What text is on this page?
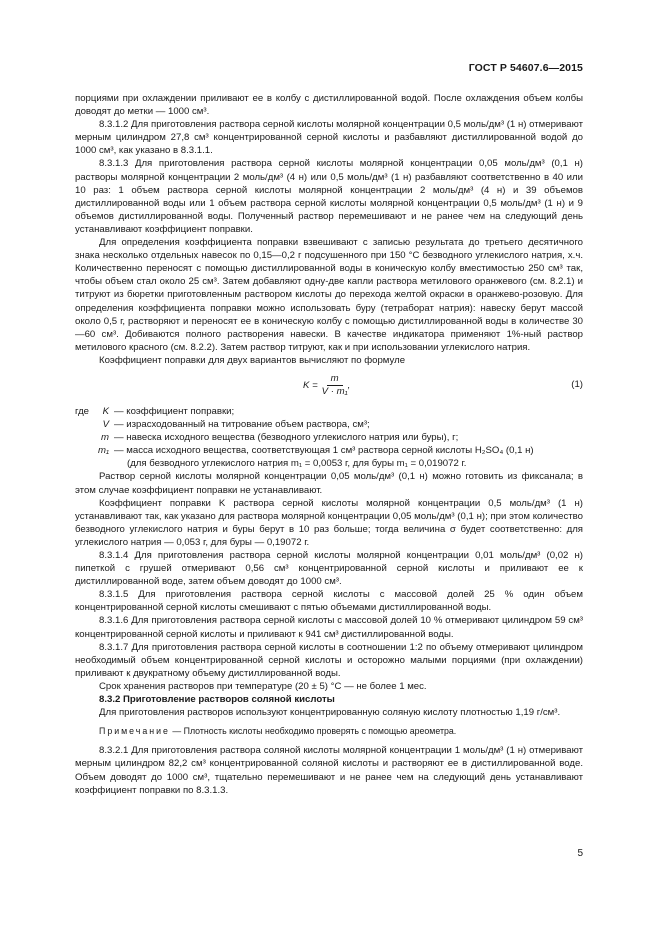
ГОСТ Р 54607.6—2015

порциями при охлаждении приливают ее в колбу с дистиллированной водой. После охлаждения объем колбы доводят до метки — 1000 см³.

8.3.1.2 Для приготовления раствора серной кислоты молярной концентрации 0,5 моль/дм³ (1 н) отмеривают мерным цилиндром 27,8 см³ концентрированной серной кислоты и разбавляют дистиллированной водой до 1000 см³, как указано в 8.3.1.1.

8.3.1.3 Для приготовления раствора серной кислоты молярной концентрации 0,05 моль/дм³ (0,1 н) растворы молярной концентрации 2 моль/дм³ (4 н) или 0,5 моль/дм³ (1 н) разбавляют соответственно в 40 или 10 раз: 1 объем раствора серной кислоты молярной концентрации 2 моль/дм³ (4 н) и 39 объемов дистиллированной воды или 1 объем раствора серной кислоты молярной концентрации 0,5 моль/дм³ (1 н) и 9 объемов дистиллированной воды. Полученный раствор перемешивают и не ранее чем на следующий день устанавливают коэффициент поправки.

Для определения коэффициента поправки взвешивают с записью результата до третьего десятичного знака несколько отдельных навесок по 0,15—0,2 г подсушенного при 150 °С безводного углекислого натрия, х.ч. Количественно переносят с помощью дистиллированной воды в коническую колбу вместимостью 250 см³ так, чтобы объем стал около 25 см³. Затем добавляют одну-две капли раствора метилового оранжевого (см. 8.2.1) и титруют из бюретки приготовленным раствором кислоты до перехода желтой окраски в оранжево-розовую. Для определения коэффициента поправки можно использовать буру (тетраборат натрия): навеску берут массой около 0,5 г, растворяют и переносят ее в коническую колбу с помощью дистиллированной воды в количестве 30—60 см³. Добиваются полного растворения навески. В качестве индикатора применяют 1%-ный раствор метилового красного (см. 8.2.2). Затем раствор титруют, как и при использовании углекислого натрия.

Коэффициент поправки для двух вариантов вычисляют по формуле

$K = \frac{m}{\text{V · m₁}}$ ,	(1)
где	K — коэффициент поправки;
V — израсходованный на титрование объем раствора, см³;
m — навеска исходного вещества (безводного углекислого натрия или буры), г;
m₁ — масса исходного вещества, соответствующая 1 см³ раствора серной кислоты H₂SO₄ (0,1 н)

(для безводного углекислого натрия m₁ = 0,0053 г, для буры m₁ = 0,019072 г.

Раствор серной кислоты молярной концентрации 0,05 моль/дм³ (0,1 н) можно готовить из фиксанала; в этом случае коэффициент поправки не устанавливают.

Коэффициент поправки K раствора серной кислоты молярной концентрации 0,5 моль/дм³ (1 н) устанавливают так, как указано для раствора молярной концентрации 0,05 моль/дм³ (0,1 н); при этом количество безводного углекислого натрия и буры берут в 10 раз больше; тогда величина σ будет соответственно: для углекислого натрия — 0,053 г, для буры — 0,19072 г.

8.3.1.4 Для приготовления раствора серной кислоты молярной концентрации 0,01 моль/дм³ (0,02 н) пипеткой с грушей отмеривают 0,56 см³ концентрированной серной кислоты и приливают ее к дистиллированной воде, затем объем доводят до 1000 см³.

8.3.1.5 Для приготовления раствора серной кислоты с массовой долей 25 % один объем концентрированной серной кислоты смешивают с пятью объемами дистиллированной воды.

8.3.1.6 Для приготовления раствора серной кислоты с массовой долей 10 % отмеривают цилиндром 59 см³ концентрированной серной кислоты и приливают к 941 см³ дистиллированной воды.

8.3.1.7 Для приготовления раствора серной кислоты в соотношении 1:2 по объему отмеривают цилиндром необходимый объем концентрированной серной кислоты и осторожно малыми порциями (при охлаждении) приливают к двукратному объему дистиллированной воды.

Срок хранения растворов при температуре (20 ± 5) °С — не более 1 мес.

8.3.2 Приготовление растворов соляной кислоты

Для приготовления растворов используют концентрированную соляную кислоту плотностью 1,19 г/см³.

Примечание — Плотность кислоты необходимо проверять с помощью ареометра.

8.3.2.1 Для приготовления раствора соляной кислоты молярной концентрации 1 моль/дм³ (1 н) отмеривают мерным цилиндром 82,2 см³ концентрированной соляной кислоты и растворяют ее в дистиллированной воде. Объем доводят до 1000 см³, тщательно перемешивают и не ранее чем на следующий день устанавливают коэффициент поправки по 8.3.1.3.

5
